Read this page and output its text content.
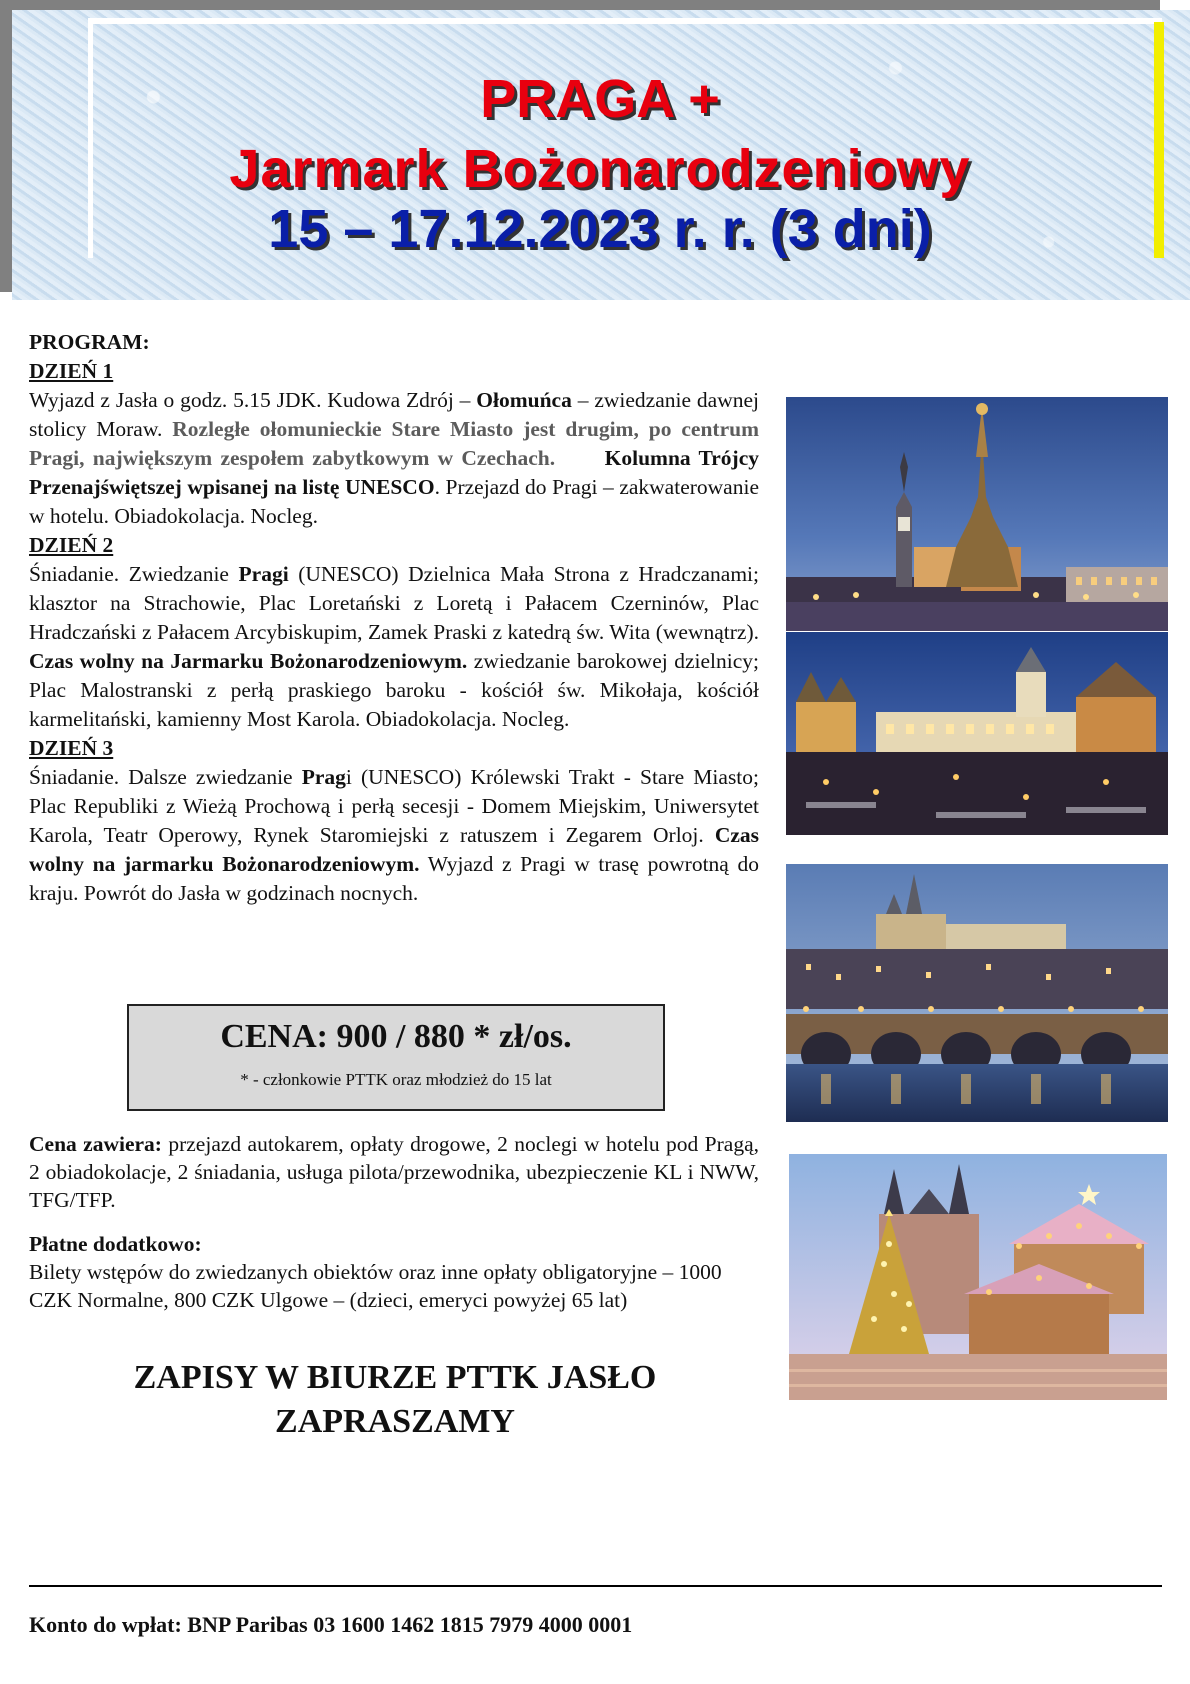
PRAGA +
Jarmark Bożonarodzeniowy
15 – 17.12.2023 r. r. (3 dni)

PROGRAM:

DZIEŃ 1

Wyjazd z Jasła o godz. 5.15 JDK. Kudowa Zdrój – Ołomuńca – zwiedzanie dawnej stolicy Moraw. Rozległe ołomunieckie Stare Miasto jest drugim, po centrum Pragi, największym zespołem zabytkowym w Czechach. Kolumna Trójcy Przenajświętszej wpisanej na listę UNESCO. Przejazd do Pragi – zakwaterowanie w hotelu. Obiadokolacja. Nocleg.

DZIEŃ 2

Śniadanie. Zwiedzanie Pragi (UNESCO) Dzielnica Mała Strona z Hradczanami; klasztor na Strachowie, Plac Loretański z Loretą i Pałacem Czerninów, Plac Hradczański z Pałacem Arcybiskupim, Zamek Praski z katedrą św. Wita (wewnątrz). Czas wolny na Jarmarku Bożonarodzeniowym. zwiedzanie barokowej dzielnicy; Plac Malostranski z perłą praskiego baroku - kościół św. Mikołaja, kościół karmelitański, kamienny Most Karola. Obiadokolacja. Nocleg.

DZIEŃ 3

Śniadanie. Dalsze zwiedzanie Pragi (UNESCO) Królewski Trakt - Stare Miasto; Plac Republiki z Wieżą Prochową i perłą secesji - Domem Miejskim, Uniwersytet Karola, Teatr Operowy, Rynek Staromiejski z ratuszem i Zegarem Orloj. Czas wolny na jarmarku Bożonarodzeniowym. Wyjazd z Pragi w trasę powrotną do kraju. Powrót do Jasła w godzinach nocnych.

CENA: 900 / 880 * zł/os.
* - członkowie PTTK oraz młodzież do 15 lat
Cena zawiera: przejazd autokarem, opłaty drogowe, 2 noclegi w hotelu pod Pragą, 2 obiadokolacje, 2 śniadania, usługa pilota/przewodnika, ubezpieczenie KL i NWW, TFG/TFP.
Płatne dodatkowo:
Bilety wstępów do zwiedzanych obiektów oraz inne opłaty obligatoryjne – 1000 CZK Normalne, 800 CZK Ulgowe – (dzieci, emeryci powyżej 65 lat)
ZAPISY W BIURZE PTTK JASŁO
ZAPRASZAMY
Konto do wpłat: BNP Paribas 03 1600 1462 1815 7979 4000 0001
